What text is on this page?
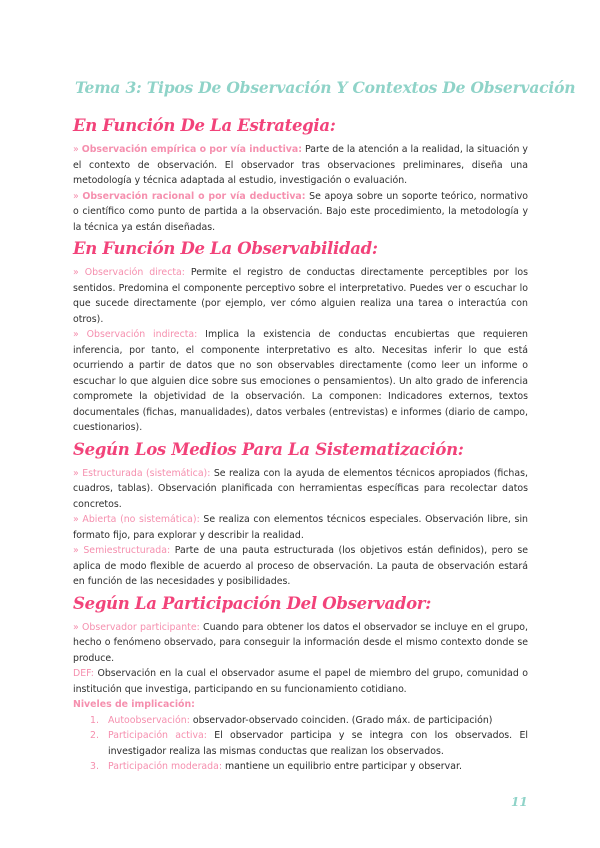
Tema 3: Tipos De Observación Y Contextos De Observación
En Función De La Estrategia:

» Observación empírica o por vía inductiva: Parte de la atención a la realidad, la situación y el contexto de observación. El observador tras observaciones preliminares, diseña una metodología y técnica adaptada al estudio, investigación o evaluación.

» Observación racional o por vía deductiva: Se apoya sobre un soporte teórico, normativo o científico como punto de partida a la observación. Bajo este procedimiento, la metodología y la técnica ya están diseñadas.

En Función De La Observabilidad:

» Observación directa: Permite el registro de conductas directamente perceptibles por los sentidos. Predomina el componente perceptivo sobre el interpretativo. Puedes ver o escuchar lo que sucede directamente (por ejemplo, ver cómo alguien realiza una tarea o interactúa con otros).

» Observación indirecta: Implica la existencia de conductas encubiertas que requieren inferencia, por tanto, el componente interpretativo es alto. Necesitas inferir lo que está ocurriendo a partir de datos que no son observables directamente (como leer un informe o escuchar lo que alguien dice sobre sus emociones o pensamientos). Un alto grado de inferencia compromete la objetividad de la observación. La componen: Indicadores externos, textos documentales (fichas, manualidades), datos verbales (entrevistas) e informes (diario de campo, cuestionarios).

Según Los Medios Para La Sistematización:

» Estructurada (sistemática): Se realiza con la ayuda de elementos técnicos apropiados (fichas, cuadros, tablas). Observación planificada con herramientas específicas para recolectar datos concretos.

» Abierta (no sistemática): Se realiza con elementos técnicos especiales. Observación libre, sin formato fijo, para explorar y describir la realidad.

» Semiestructurada: Parte de una pauta estructurada (los objetivos están definidos), pero se aplica de modo flexible de acuerdo al proceso de observación. La pauta de observación estará en función de las necesidades y posibilidades.

Según La Participación Del Observador:

» Observador participante: Cuando para obtener los datos el observador se incluye en el grupo, hecho o fenómeno observado, para conseguir la información desde el mismo contexto donde se produce.

DEF: Observación en la cual el observador asume el papel de miembro del grupo, comunidad o institución que investiga, participando en su funcionamiento cotidiano.

Niveles de implicación:
1. Autoobservación: observador-observado coinciden. (Grado máx. de participación)
2. Participación activa: El observador participa y se integra con los observados. El investigador realiza las mismas conductas que realizan los observados.
3. Participación moderada: mantiene un equilibrio entre participar y observar.
11
